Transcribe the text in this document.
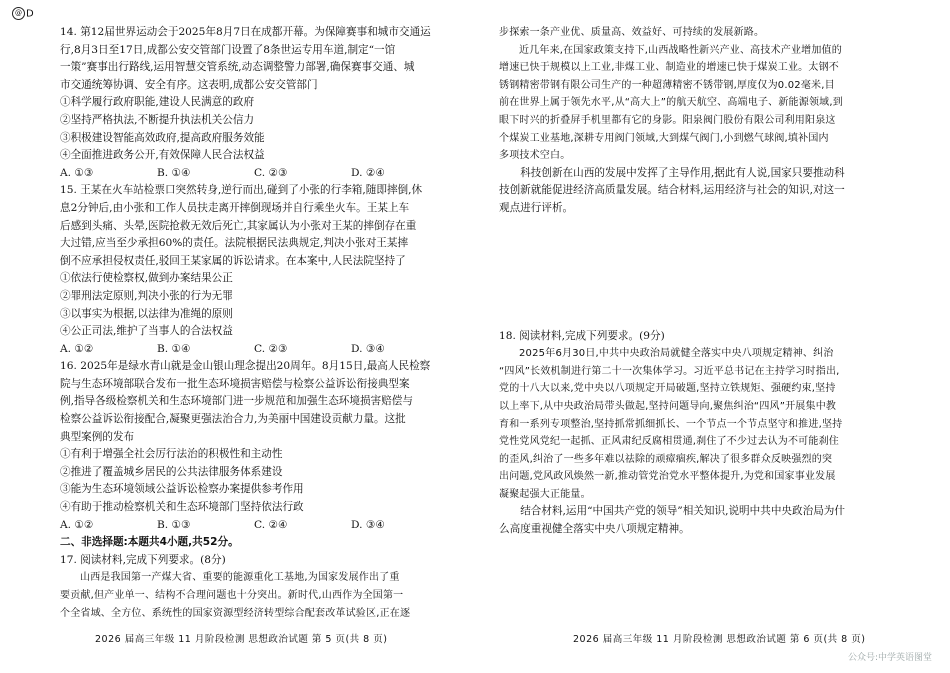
@ D

14. 第12届世界运动会于2025年8月7日在成都开幕。为保障赛事和城市交通运

行,8月3日至17日,成都公安交管部门设置了8条世运专用车道,制定“一馆

一策”赛事出行路线,运用智慧交管系统,动态调整警力部署,确保赛事交通、城

市交通统筹协调、安全有序。这表明,成都公安交管部门

①科学履行政府职能,建设人民满意的政府

②坚持严格执法,不断提升执法机关公信力

③积极建设智能高效政府,提高政府服务效能

④全面推进政务公开,有效保障人民合法权益

A. ①③	B. ①④	C. ②③	D. ②④

15. 王某在火车站检票口突然转身,逆行而出,碰到了小张的行李箱,随即摔倒,休

息2分钟后,由小张和工作人员扶走离开摔倒现场并自行乘坐火车。王某上车

后感到头痛、头晕,医院抢救无效后死亡,其家属认为小张对王某的摔倒存在重

大过错,应当至少承担60%的责任。法院根据民法典规定,判决小张对王某摔

倒不应承担侵权责任,驳回王某家属的诉讼请求。在本案中,人民法院坚持了

①依法行使检察权,做到办案结果公正

②罪刑法定原则,判决小张的行为无罪

③以事实为根据,以法律为准绳的原则

④公正司法,维护了当事人的合法权益

A. ①②	B. ①④	C. ②③	D. ③④

16. 2025年是绿水青山就是金山银山理念提出20周年。8月15日,最高人民检察

院与生态环境部联合发布一批生态环境损害赔偿与检察公益诉讼衔接典型案

例,指导各级检察机关和生态环境部门进一步规范和加强生态环境损害赔偿与

检察公益诉讼衔接配合,凝聚更强法治合力,为美丽中国建设贡献力量。这批

典型案例的发布

①有利于增强全社会厉行法治的积极性和主动性

②推进了覆盖城乡居民的公共法律服务体系建设

③能为生态环境领域公益诉讼检察办案提供参考作用

④有助于推动检察机关和生态环境部门坚持依法行政

A. ①②	B. ①③	C. ②④	D. ③④

二、非选择题:本题共4小题,共52分。

17. 阅读材料,完成下列要求。(8分)

山西是我国第一产煤大省、重要的能源重化工基地,为国家发展作出了重

要贡献,但产业单一、结构不合理问题也十分突出。新时代,山西作为全国第一

个全省域、全方位、系统性的国家资源型经济转型综合配套改革试验区,正在逐

2026 届高三年级 11 月阶段检测 思想政治试题 第 5 页(共 8 页)

步探索一条产业优、质量高、效益好、可持续的发展新路。

近几年来,在国家政策支持下,山西战略性新兴产业、高技术产业增加值的

增速已快于规模以上工业,非煤工业、制造业的增速已快于煤炭工业。太钢不

锈钢精密带钢有限公司生产的一种超薄精密不锈带钢,厚度仅为0.02毫米,目

前在世界上属于领先水平,从“高大上”的航天航空、高端电子、新能源领域,到

眼下时兴的折叠屏手机里都有它的身影。阳泉阀门股份有限公司利用阳泉这

个煤炭工业基地,深耕专用阀门领域,大到煤气阀门,小到燃气球阀,填补国内

多项技术空白。

科技创新在山西的发展中发挥了主导作用,据此有人说,国家只要推动科

技创新就能促进经济高质量发展。结合材料,运用经济与社会的知识,对这一

观点进行评析。

18. 阅读材料,完成下列要求。(9分)

2025年6月30日,中共中央政治局就健全落实中央八项规定精神、纠治

“四风”长效机制进行第二十一次集体学习。习近平总书记在主持学习时指出,

党的十八大以来,党中央以八项规定开局破题,坚持立铁规矩、强硬约束,坚持

以上率下,从中央政治局带头做起,坚持问题导向,聚焦纠治“四风”开展集中教

育和一系列专项整治,坚持抓常抓细抓长、一个节点一个节点坚守和推进,坚持

党性党风党纪一起抓、正风肃纪反腐相贯通,刹住了不少过去认为不可能刹住

的歪风,纠治了一些多年难以祛除的顽瘴痼疾,解决了很多群众反映强烈的突

出问题,党风政风焕然一新,推动管党治党水平整体提升,为党和国家事业发展

凝聚起强大正能量。

结合材料,运用“中国共产党的领导”相关知识,说明中共中央政治局为什

么高度重视健全落实中央八项规定精神。

2026 届高三年级 11 月阶段检测 思想政治试题 第 6 页(共 8 页)
公众号:中学英语图堂
